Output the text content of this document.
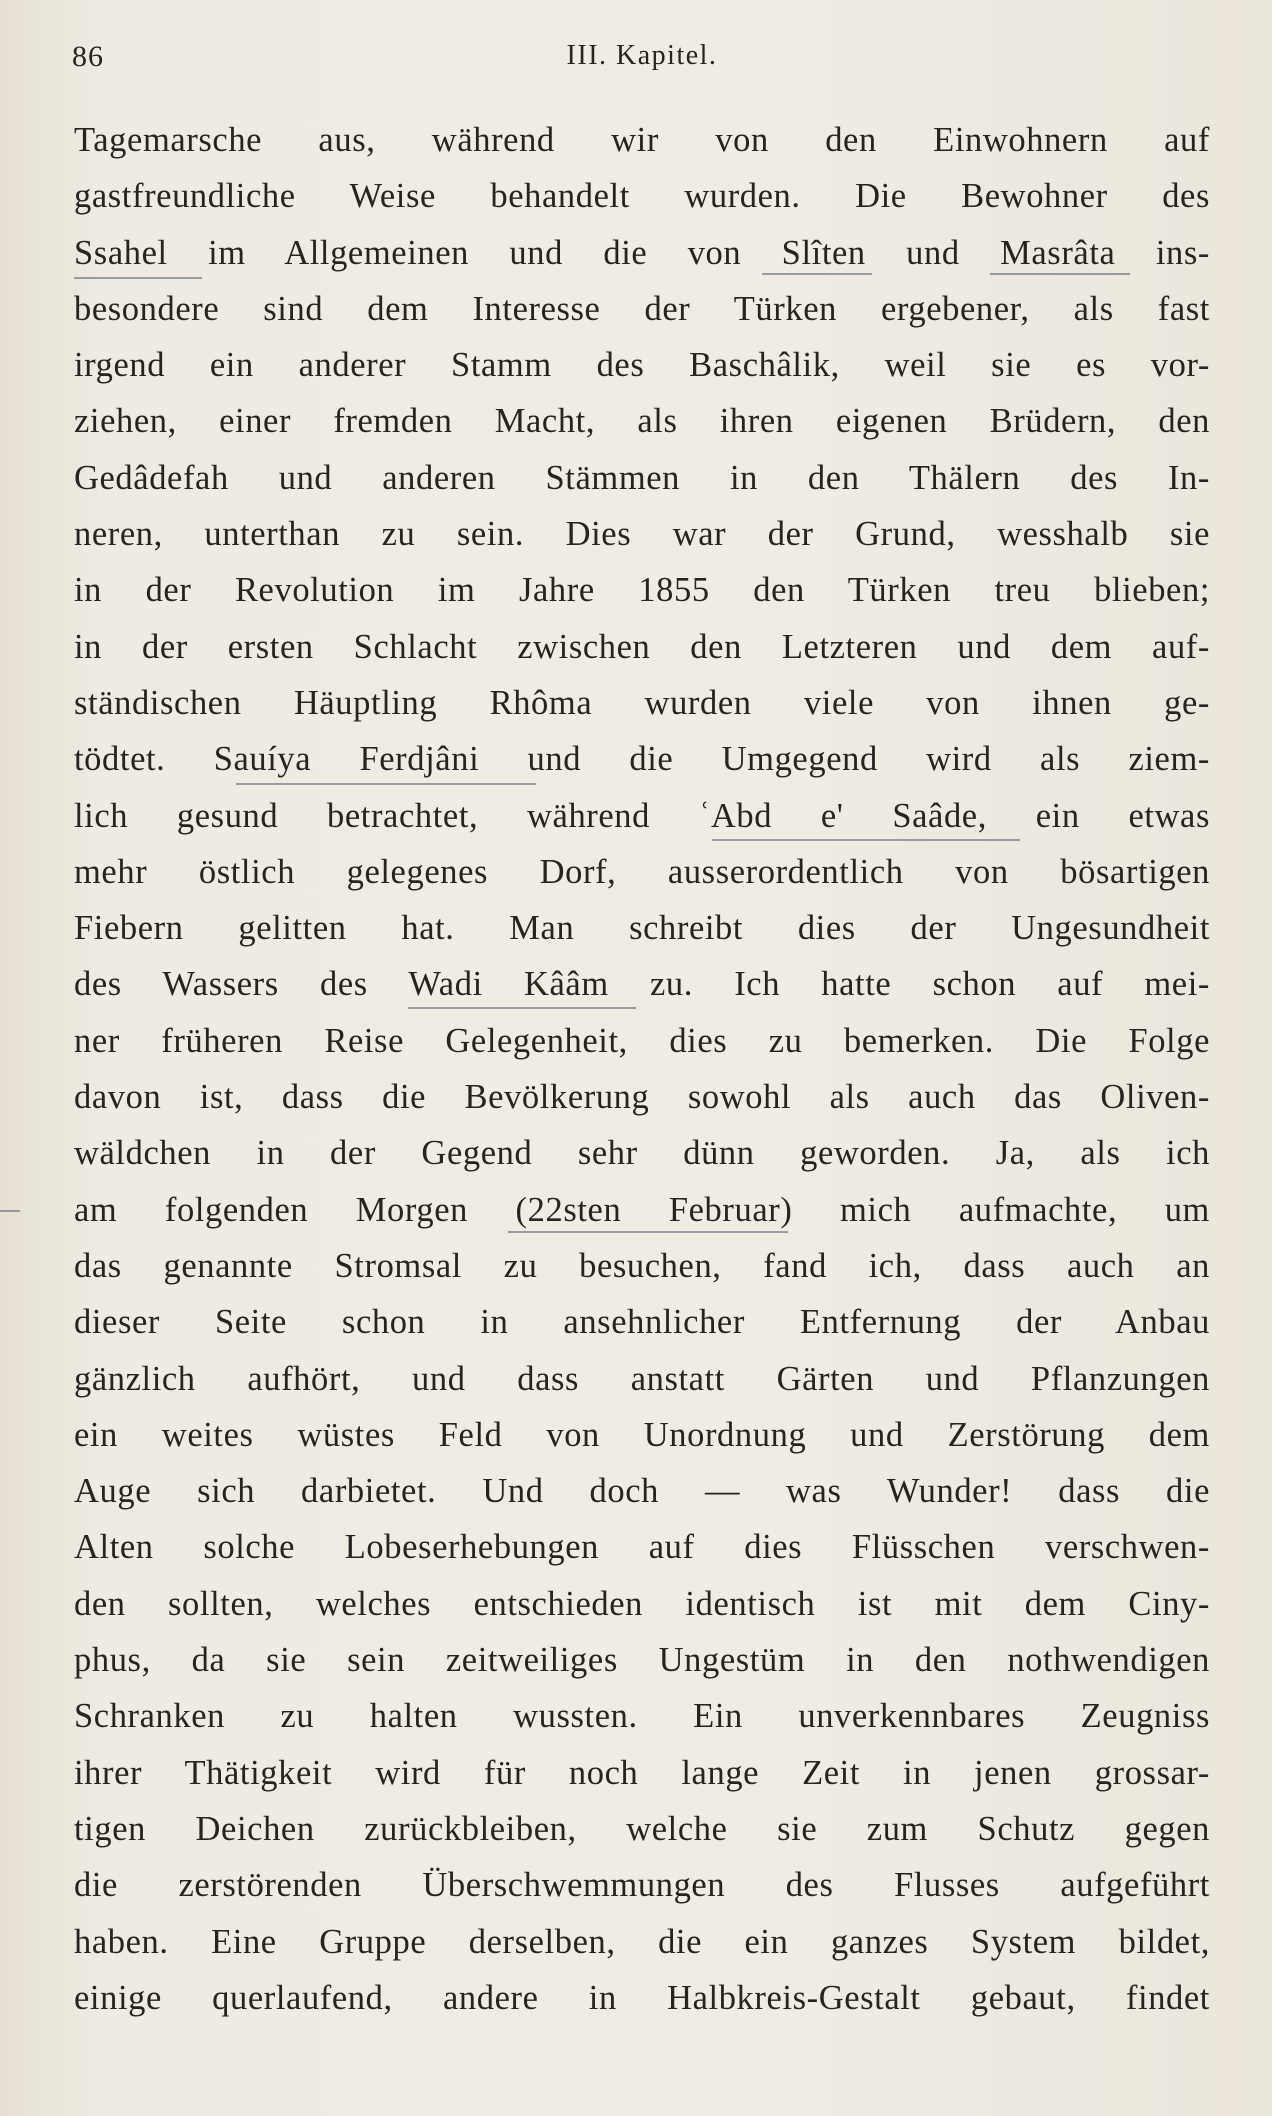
86	III. Kapitel.
Tagemarsche aus, während wir von den Einwohnern auf
gastfreundliche Weise behandelt wurden. Die Bewohner des
Ssahel im Allgemeinen und die von Slîten und Masrâta ins-
besondere sind dem Interesse der Türken ergebener, als fast
irgend ein anderer Stamm des Baschâlik, weil sie es vor-
ziehen, einer fremden Macht, als ihren eigenen Brüdern, den
Gedâdefah und anderen Stämmen in den Thälern des In-
neren, unterthan zu sein. Dies war der Grund, wesshalb sie
in der Revolution im Jahre 1855 den Türken treu blieben;
in der ersten Schlacht zwischen den Letzteren und dem auf-
ständischen Häuptling Rhôma wurden viele von ihnen ge-
tödtet. Sauíya Ferdjâni und die Umgegend wird als ziem-
lich gesund betrachtet, während ʿAbd e' Saâde, ein etwas
mehr östlich gelegenes Dorf, ausserordentlich von bösartigen
Fiebern gelitten hat. Man schreibt dies der Ungesundheit
des Wassers des Wadi Kââm zu. Ich hatte schon auf mei-
ner früheren Reise Gelegenheit, dies zu bemerken. Die Folge
davon ist, dass die Bevölkerung sowohl als auch das Oliven-
wäldchen in der Gegend sehr dünn geworden. Ja, als ich
am folgenden Morgen (22sten Februar) mich aufmachte, um
das genannte Stromsal zu besuchen, fand ich, dass auch an
dieser Seite schon in ansehnlicher Entfernung der Anbau
gänzlich aufhört, und dass anstatt Gärten und Pflanzungen
ein weites wüstes Feld von Unordnung und Zerstörung dem
Auge sich darbietet. Und doch — was Wunder! dass die
Alten solche Lobeserhebungen auf dies Flüsschen verschwen-
den sollten, welches entschieden identisch ist mit dem Ciny-
phus, da sie sein zeitweiliges Ungestüm in den nothwendigen
Schranken zu halten wussten. Ein unverkennbares Zeugniss
ihrer Thätigkeit wird für noch lange Zeit in jenen grossar-
tigen Deichen zurückbleiben, welche sie zum Schutz gegen
die zerstörenden Überschwemmungen des Flusses aufgeführt
haben. Eine Gruppe derselben, die ein ganzes System bildet,
einige querlaufend, andere in Halbkreis-Gestalt gebaut, findet
